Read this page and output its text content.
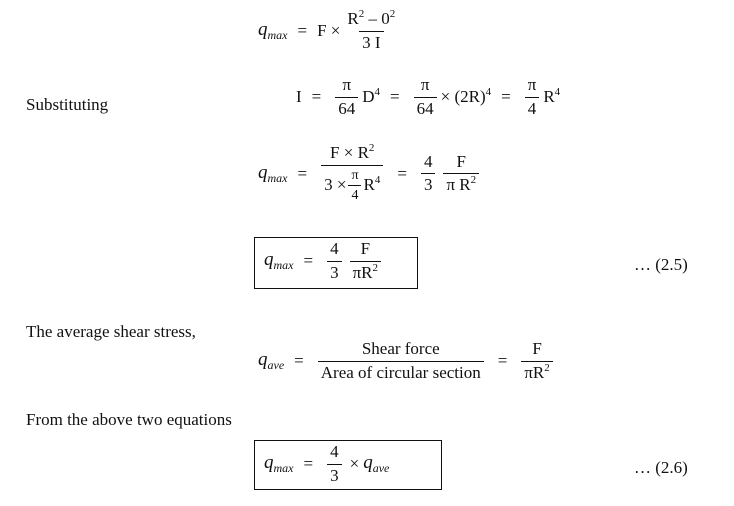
$q_{max} = F \times \frac{R^2 - 0^2}{3 I}$
Substituting	$I = \frac{\pi}{64} D^4 = \frac{\pi}{64} \times (2R)^4 = \frac{\pi}{4} R^4$
$q_{max} = \frac{F \times R^2}{3 \times \frac{\pi}{4} R^4} = \frac{4}{3} \frac{F}{\pi R^2}$
$q_{max} = \frac{4}{3} \frac{F}{\pi R^2}$	… (2.5)
The average shear stress,
$q_{ave} = \frac{\text{Shear force}}{\text{Area of circular section}} = \frac{F}{\pi R^2}$
From the above two equations
$q_{max} = \frac{4}{3} \times q_{ave}$	… (2.6)
